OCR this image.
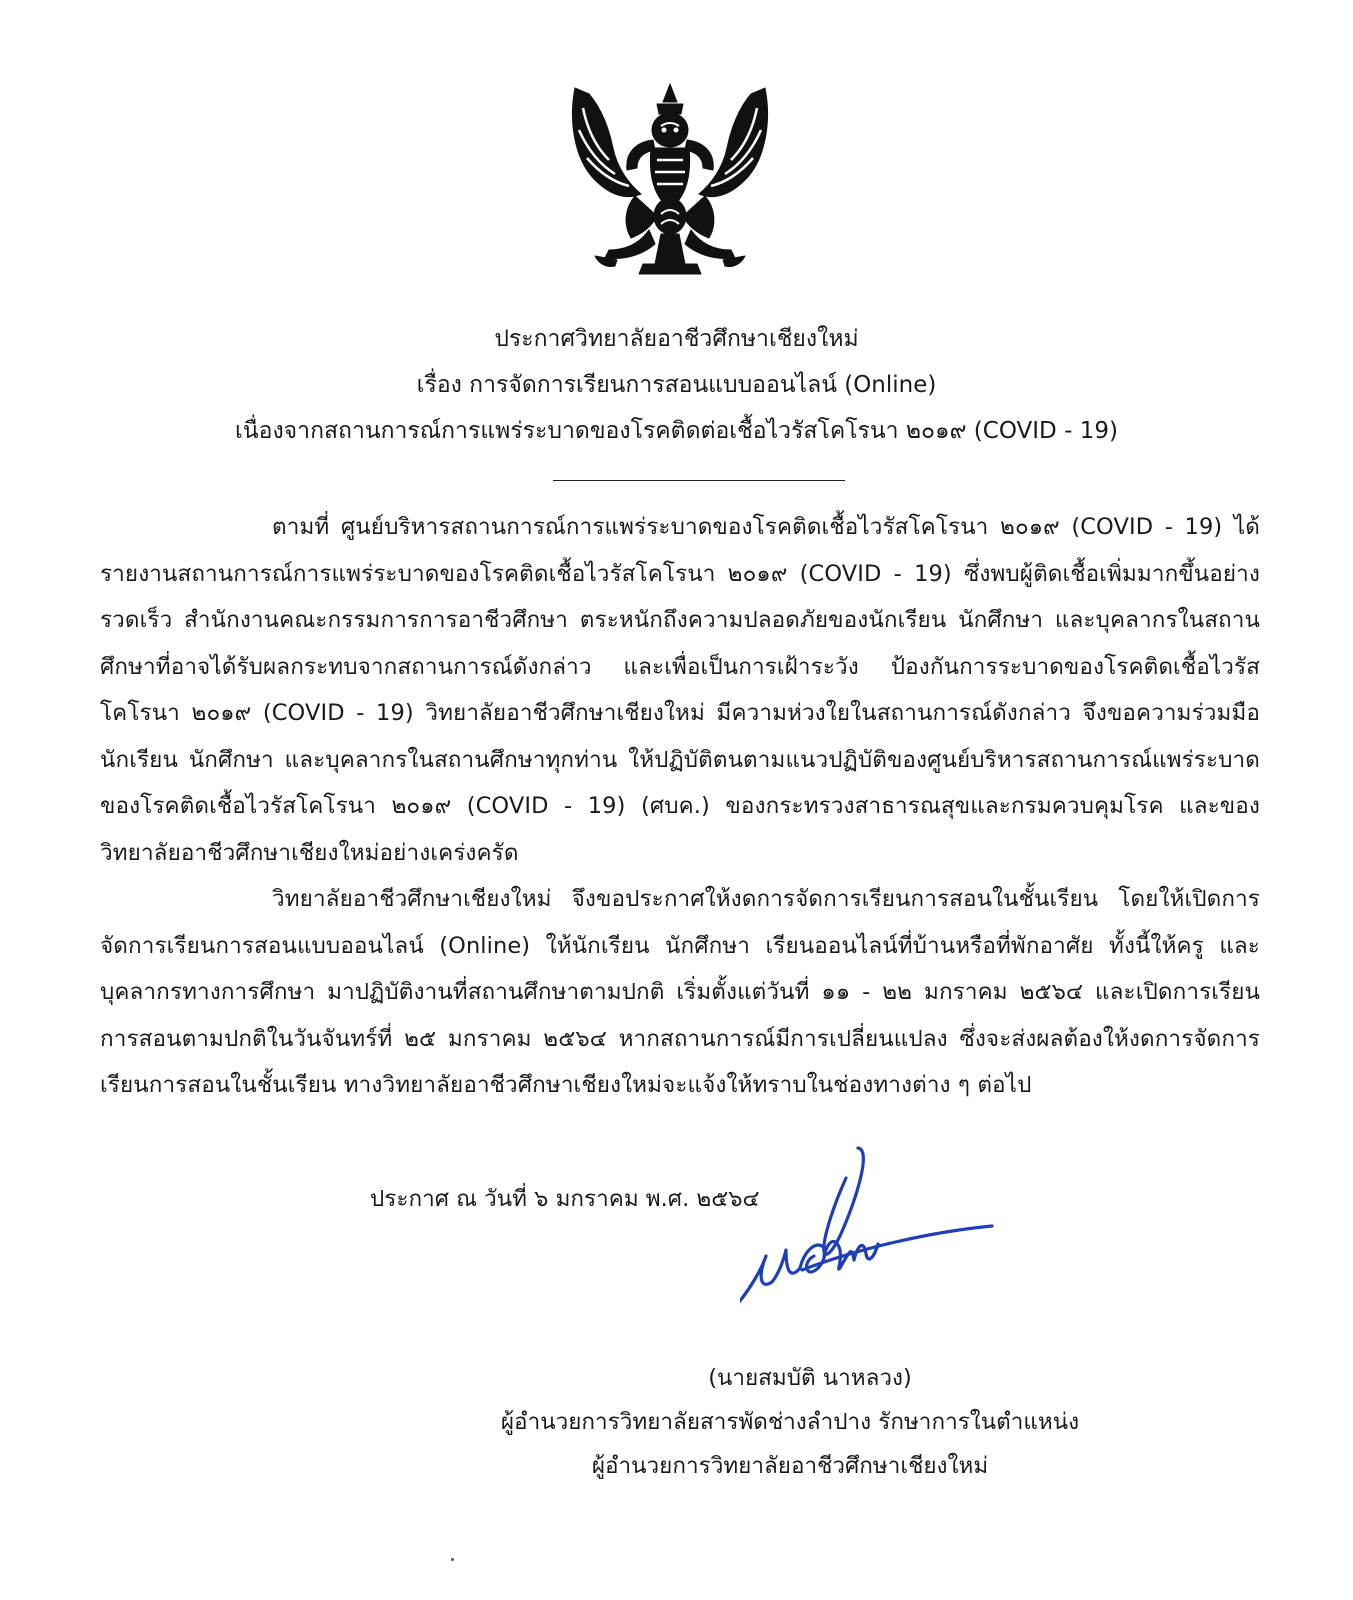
ประกาศวิทยาลัยอาชีวศึกษาเชียงใหม่
เรื่อง การจัดการเรียนการสอนแบบออนไลน์ (Online)
เนื่องจากสถานการณ์การแพร่ระบาดของโรคติดต่อเชื้อไวรัสโคโรนา ๒๐๑๙ (COVID - 19)

ตามที่ ศูนย์บริหารสถานการณ์การแพร่ระบาดของโรคติดเชื้อไวรัสโคโรนา ๒๐๑๙ (COVID - 19) ได้รายงานสถานการณ์การแพร่ระบาดของโรคติดเชื้อไวรัสโคโรนา ๒๐๑๙ (COVID - 19) ซึ่งพบผู้ติดเชื้อเพิ่มมากขึ้นอย่างรวดเร็ว สำนักงานคณะกรรมการการอาชีวศึกษา ตระหนักถึงความปลอดภัยของนักเรียน นักศึกษา และบุคลากรในสถานศึกษาที่อาจได้รับผลกระทบจากสถานการณ์ดังกล่าว และเพื่อเป็นการเฝ้าระวัง ป้องกันการระบาดของโรคติดเชื้อไวรัสโคโรนา ๒๐๑๙ (COVID - 19) วิทยาลัยอาชีวศึกษาเชียงใหม่ มีความห่วงใยในสถานการณ์ดังกล่าว จึงขอความร่วมมือ นักเรียน นักศึกษา และบุคลากรในสถานศึกษาทุกท่าน ให้ปฏิบัติตนตามแนวปฏิบัติของศูนย์บริหารสถานการณ์แพร่ระบาดของโรคติดเชื้อไวรัสโคโรนา ๒๐๑๙ (COVID - 19) (ศบค.) ของกระทรวงสาธารณสุขและกรมควบคุมโรค และของวิทยาลัยอาชีวศึกษาเชียงใหม่อย่างเคร่งครัด

วิทยาลัยอาชีวศึกษาเชียงใหม่ จึงขอประกาศให้งดการจัดการเรียนการสอนในชั้นเรียน โดยให้เปิดการจัดการเรียนการสอนแบบออนไลน์ (Online) ให้นักเรียน นักศึกษา เรียนออนไลน์ที่บ้านหรือที่พักอาศัย ทั้งนี้ให้ครู และบุคลากรทางการศึกษา มาปฏิบัติงานที่สถานศึกษาตามปกติ เริ่มตั้งแต่วันที่ ๑๑ - ๒๒ มกราคม ๒๕๖๔ และเปิดการเรียนการสอนตามปกติในวันจันทร์ที่ ๒๕ มกราคม ๒๕๖๔ หากสถานการณ์มีการเปลี่ยนแปลง ซึ่งจะส่งผลต้องให้งดการจัดการเรียนการสอนในชั้นเรียน ทางวิทยาลัยอาชีวศึกษาเชียงใหม่จะแจ้งให้ทราบในช่องทางต่าง ๆ ต่อไป

ประกาศ ณ วันที่ ๖ มกราคม พ.ศ. ๒๕๖๔
(นายสมบัติ นาหลวง)
ผู้อำนวยการวิทยาลัยสารพัดช่างลำปาง รักษาการในตำแหน่ง
ผู้อำนวยการวิทยาลัยอาชีวศึกษาเชียงใหม่
